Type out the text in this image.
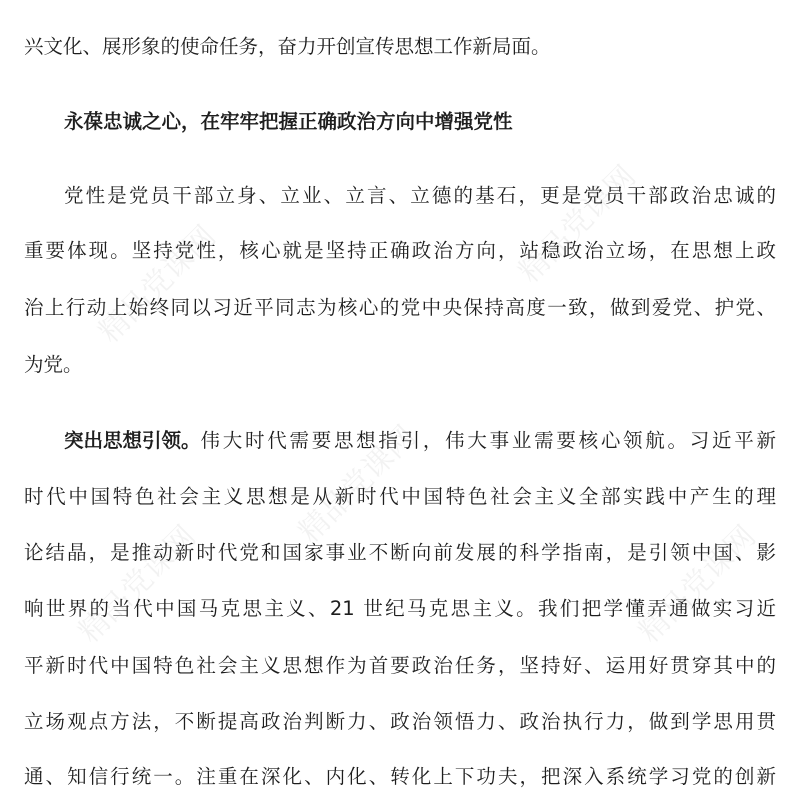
精品党课网	精品党课网
精品党课网
精品党课网
精品党课网
兴文化、展形象的使命任务，奋力开创宣传思想工作新局面。
永葆忠诚之心，在牢牢把握正确政治方向中增强党性
党性是党员干部立身、立业、立言、立德的基石，更是党员干部政治忠诚的
重要体现。坚持党性，核心就是坚持正确政治方向，站稳政治立场，在思想上政
治上行动上始终同以习近平同志为核心的党中央保持高度一致，做到爱党、护党、
为党。
突出思想引领。 伟大时代需要思想指引，伟大事业需要核心领航。习近平新
时代中国特色社会主义思想是从新时代中国特色社会主义全部实践中产生的理
论结晶，是推动新时代党和国家事业不断向前发展的科学指南，是引领中国、影
响世界的当代中国马克思主义、21 世纪马克思主义。我们把学懂弄通做实习近
平新时代中国特色社会主义思想作为首要政治任务，坚持好、运用好贯穿其中的
立场观点方法，不断提高政治判断力、政治领悟力、政治执行力，做到学思用贯
通、知信行统一。注重在深化、内化、转化上下功夫，把深入系统学习党的创新
